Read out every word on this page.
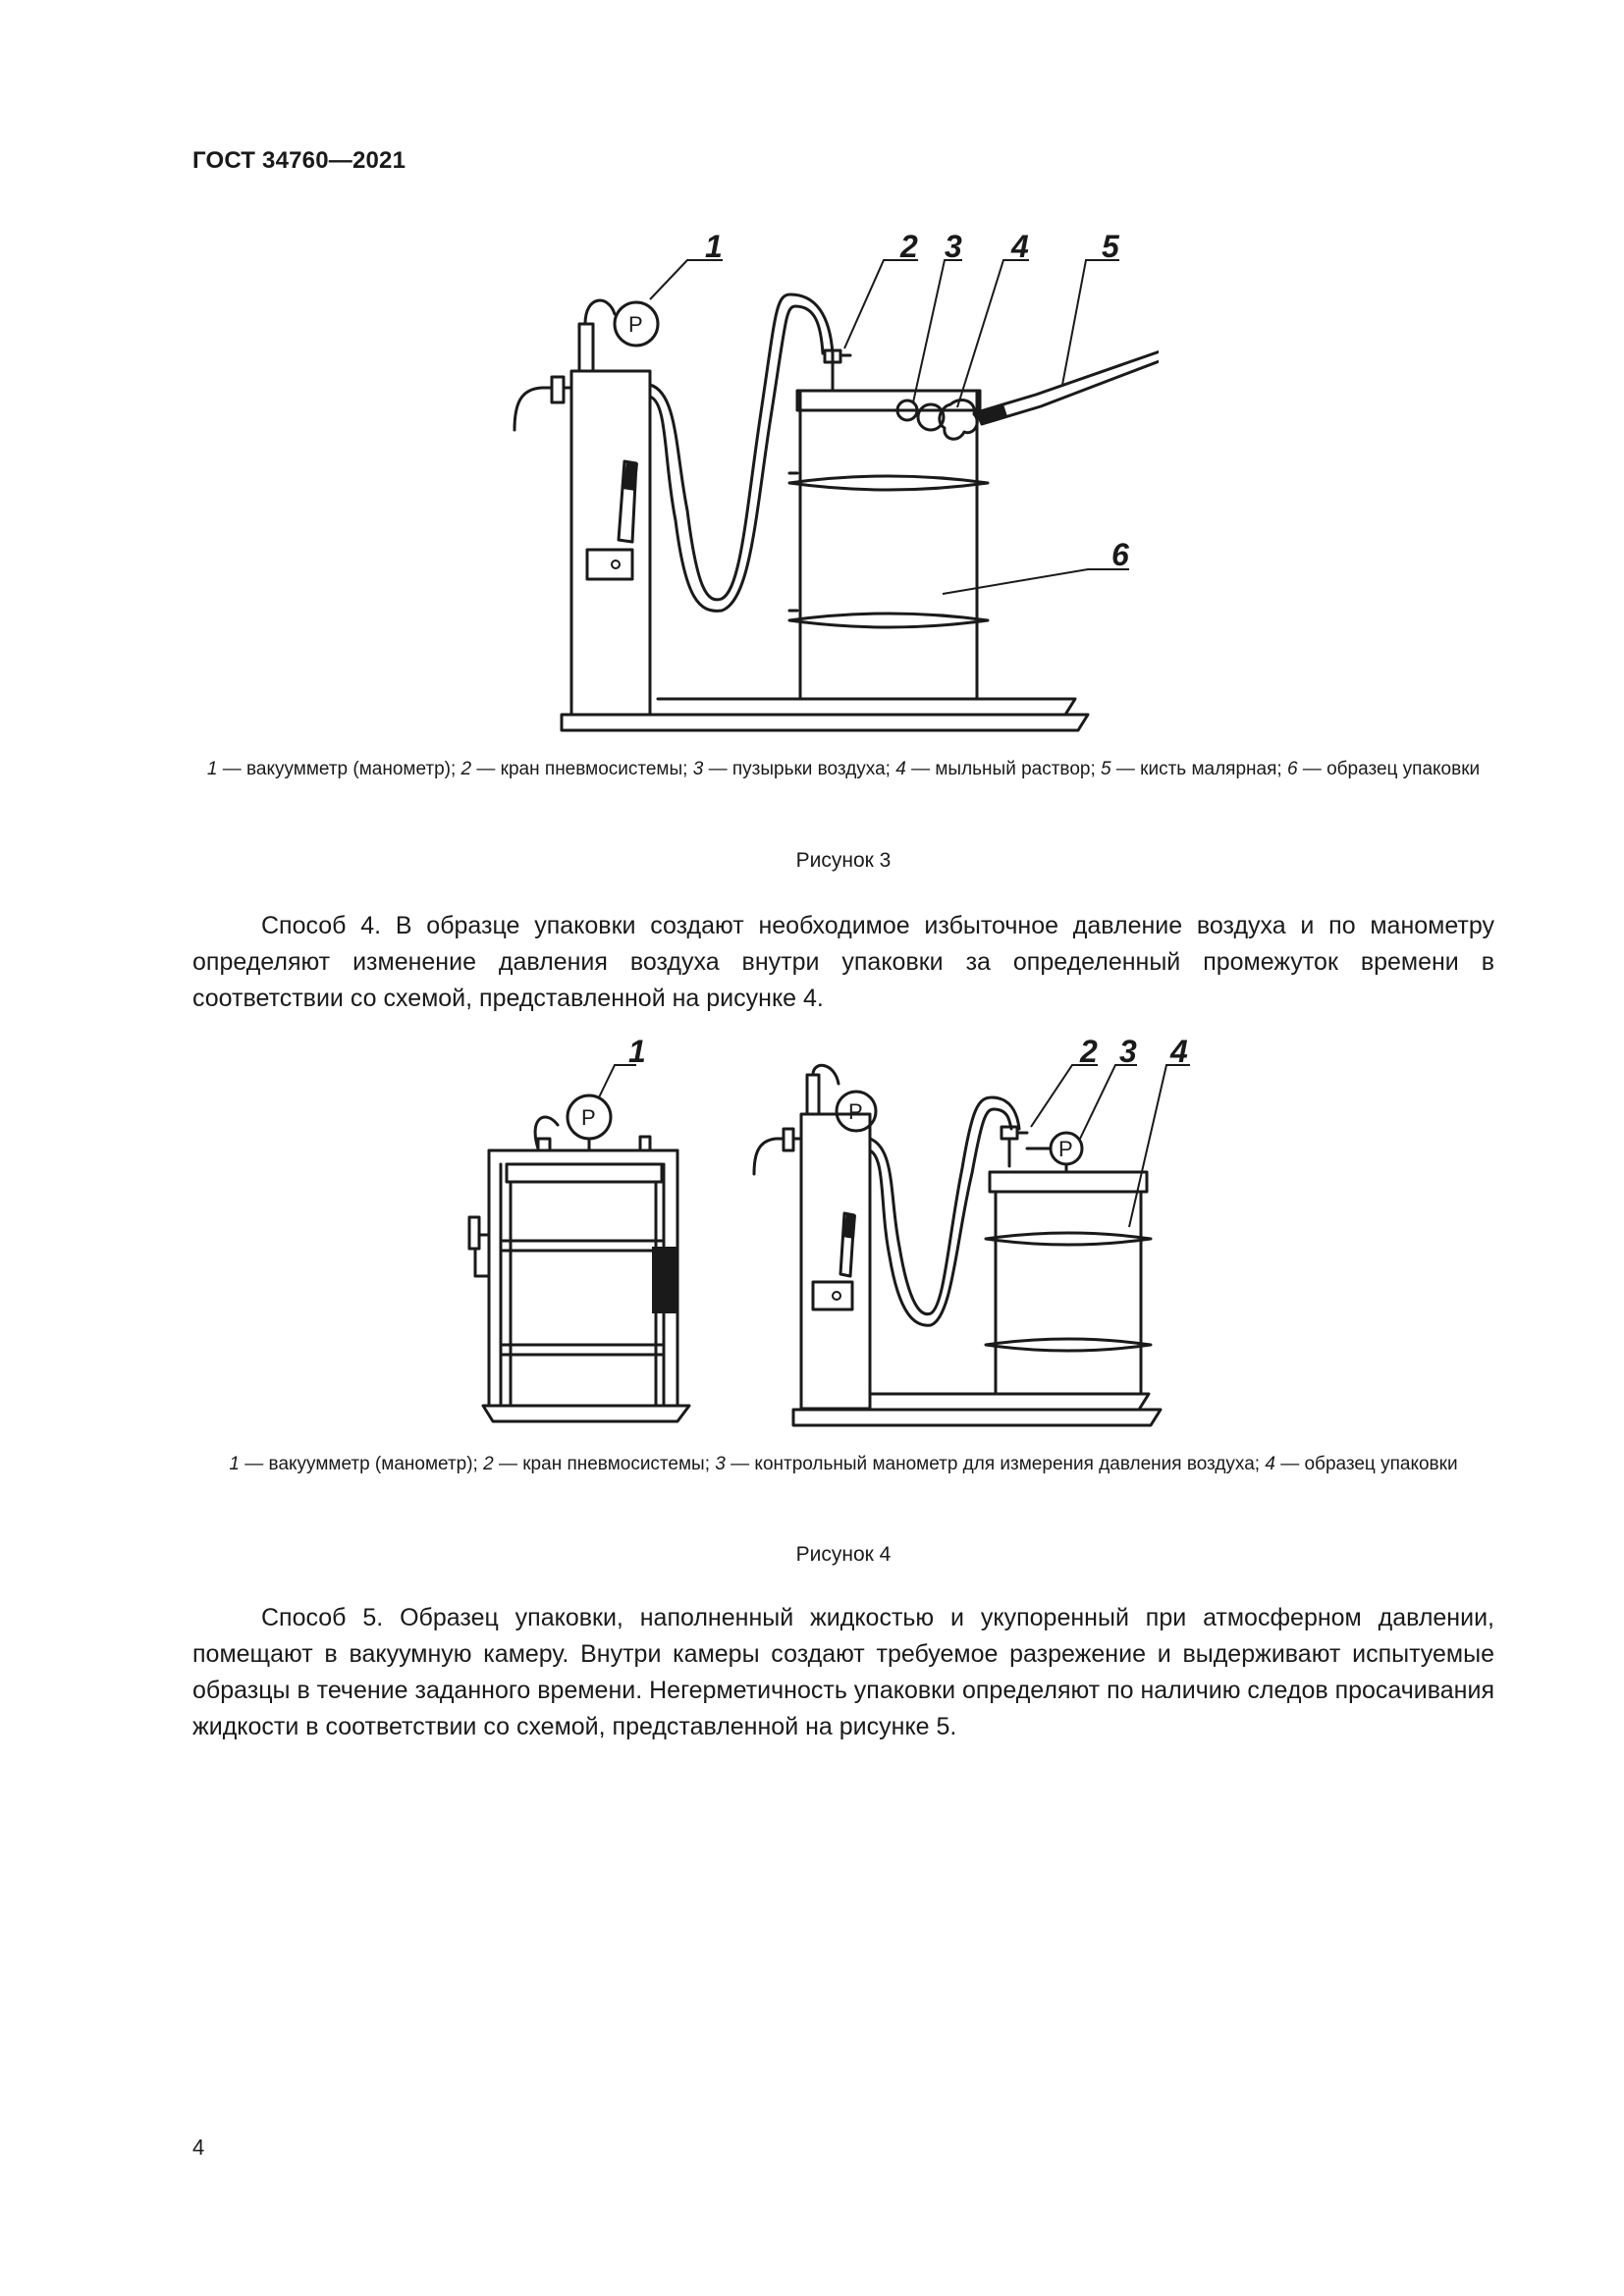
ГОСТ 34760—2021
P
1	2 3 4 5
6
1 — вакуумметр (манометр); 2 — кран пневмосистемы; 3 — пузырьки воздуха; 4 — мыльный раствор; 5 — кисть малярная; 6 — образец упаковки
Рисунок 3
Способ 4. В образце упаковки создают необходимое избыточное давление воздуха и по манометру определяют изменение давления воздуха внутри упаковки за определенный промежуток времени в соответствии со схемой, представленной на рисунке 4.
P
1
P
P
2 3 4
1 — вакуумметр (манометр); 2 — кран пневмосистемы; 3 — контрольный манометр для измерения давления воздуха; 4 — образец упаковки
Рисунок 4
Способ 5. Образец упаковки, наполненный жидкостью и укупоренный при атмосферном давлении, помещают в вакуумную камеру. Внутри камеры создают требуемое разрежение и выдерживают испытуемые образцы в течение заданного времени. Негерметичность упаковки определяют по наличию следов просачивания жидкости в соответствии со схемой, представленной на рисунке 5.
4
